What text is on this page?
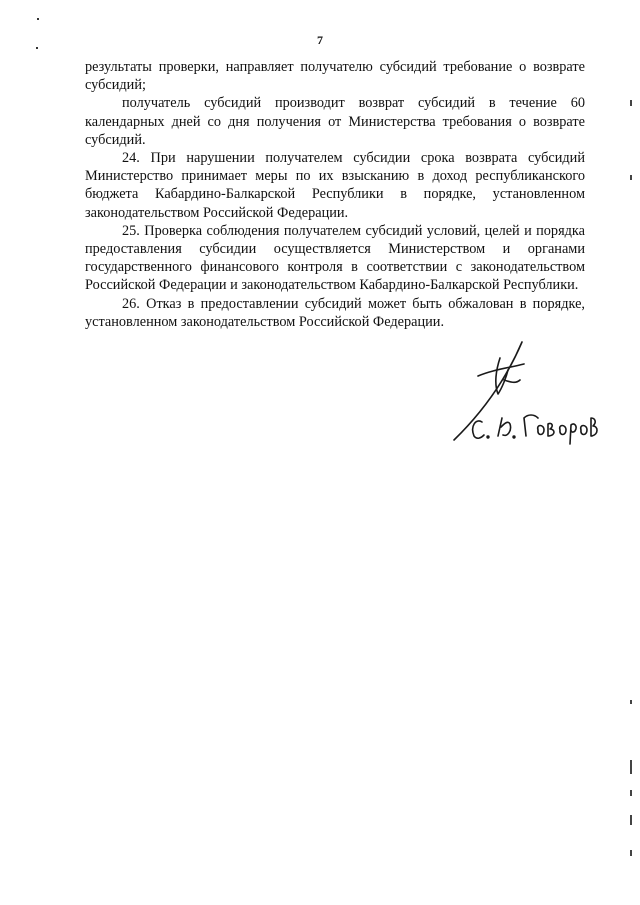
7

результаты проверки, направляет получателю субсидий требование о возврате субсидий;

получатель субсидий производит возврат субсидий в течение 60 календарных дней со дня получения от Министерства требования о возврате субсидий.

24. При нарушении получателем субсидии срока возврата субсидий Министерство принимает меры по их взысканию в доход республиканского бюджета Кабардино-Балкарской Республики в порядке, установленном законодательством Российской Федерации.

25. Проверка соблюдения получателем субсидий условий, целей и порядка предоставления субсидии осуществляется Министерством и органами государственного финансового контроля в соответствии с законодательством Российской Федерации и законодательством Кабардино-Балкарской Республики.

26. Отказ в предоставлении субсидий может быть обжалован в порядке, установленном законодательством Российской Федерации.
